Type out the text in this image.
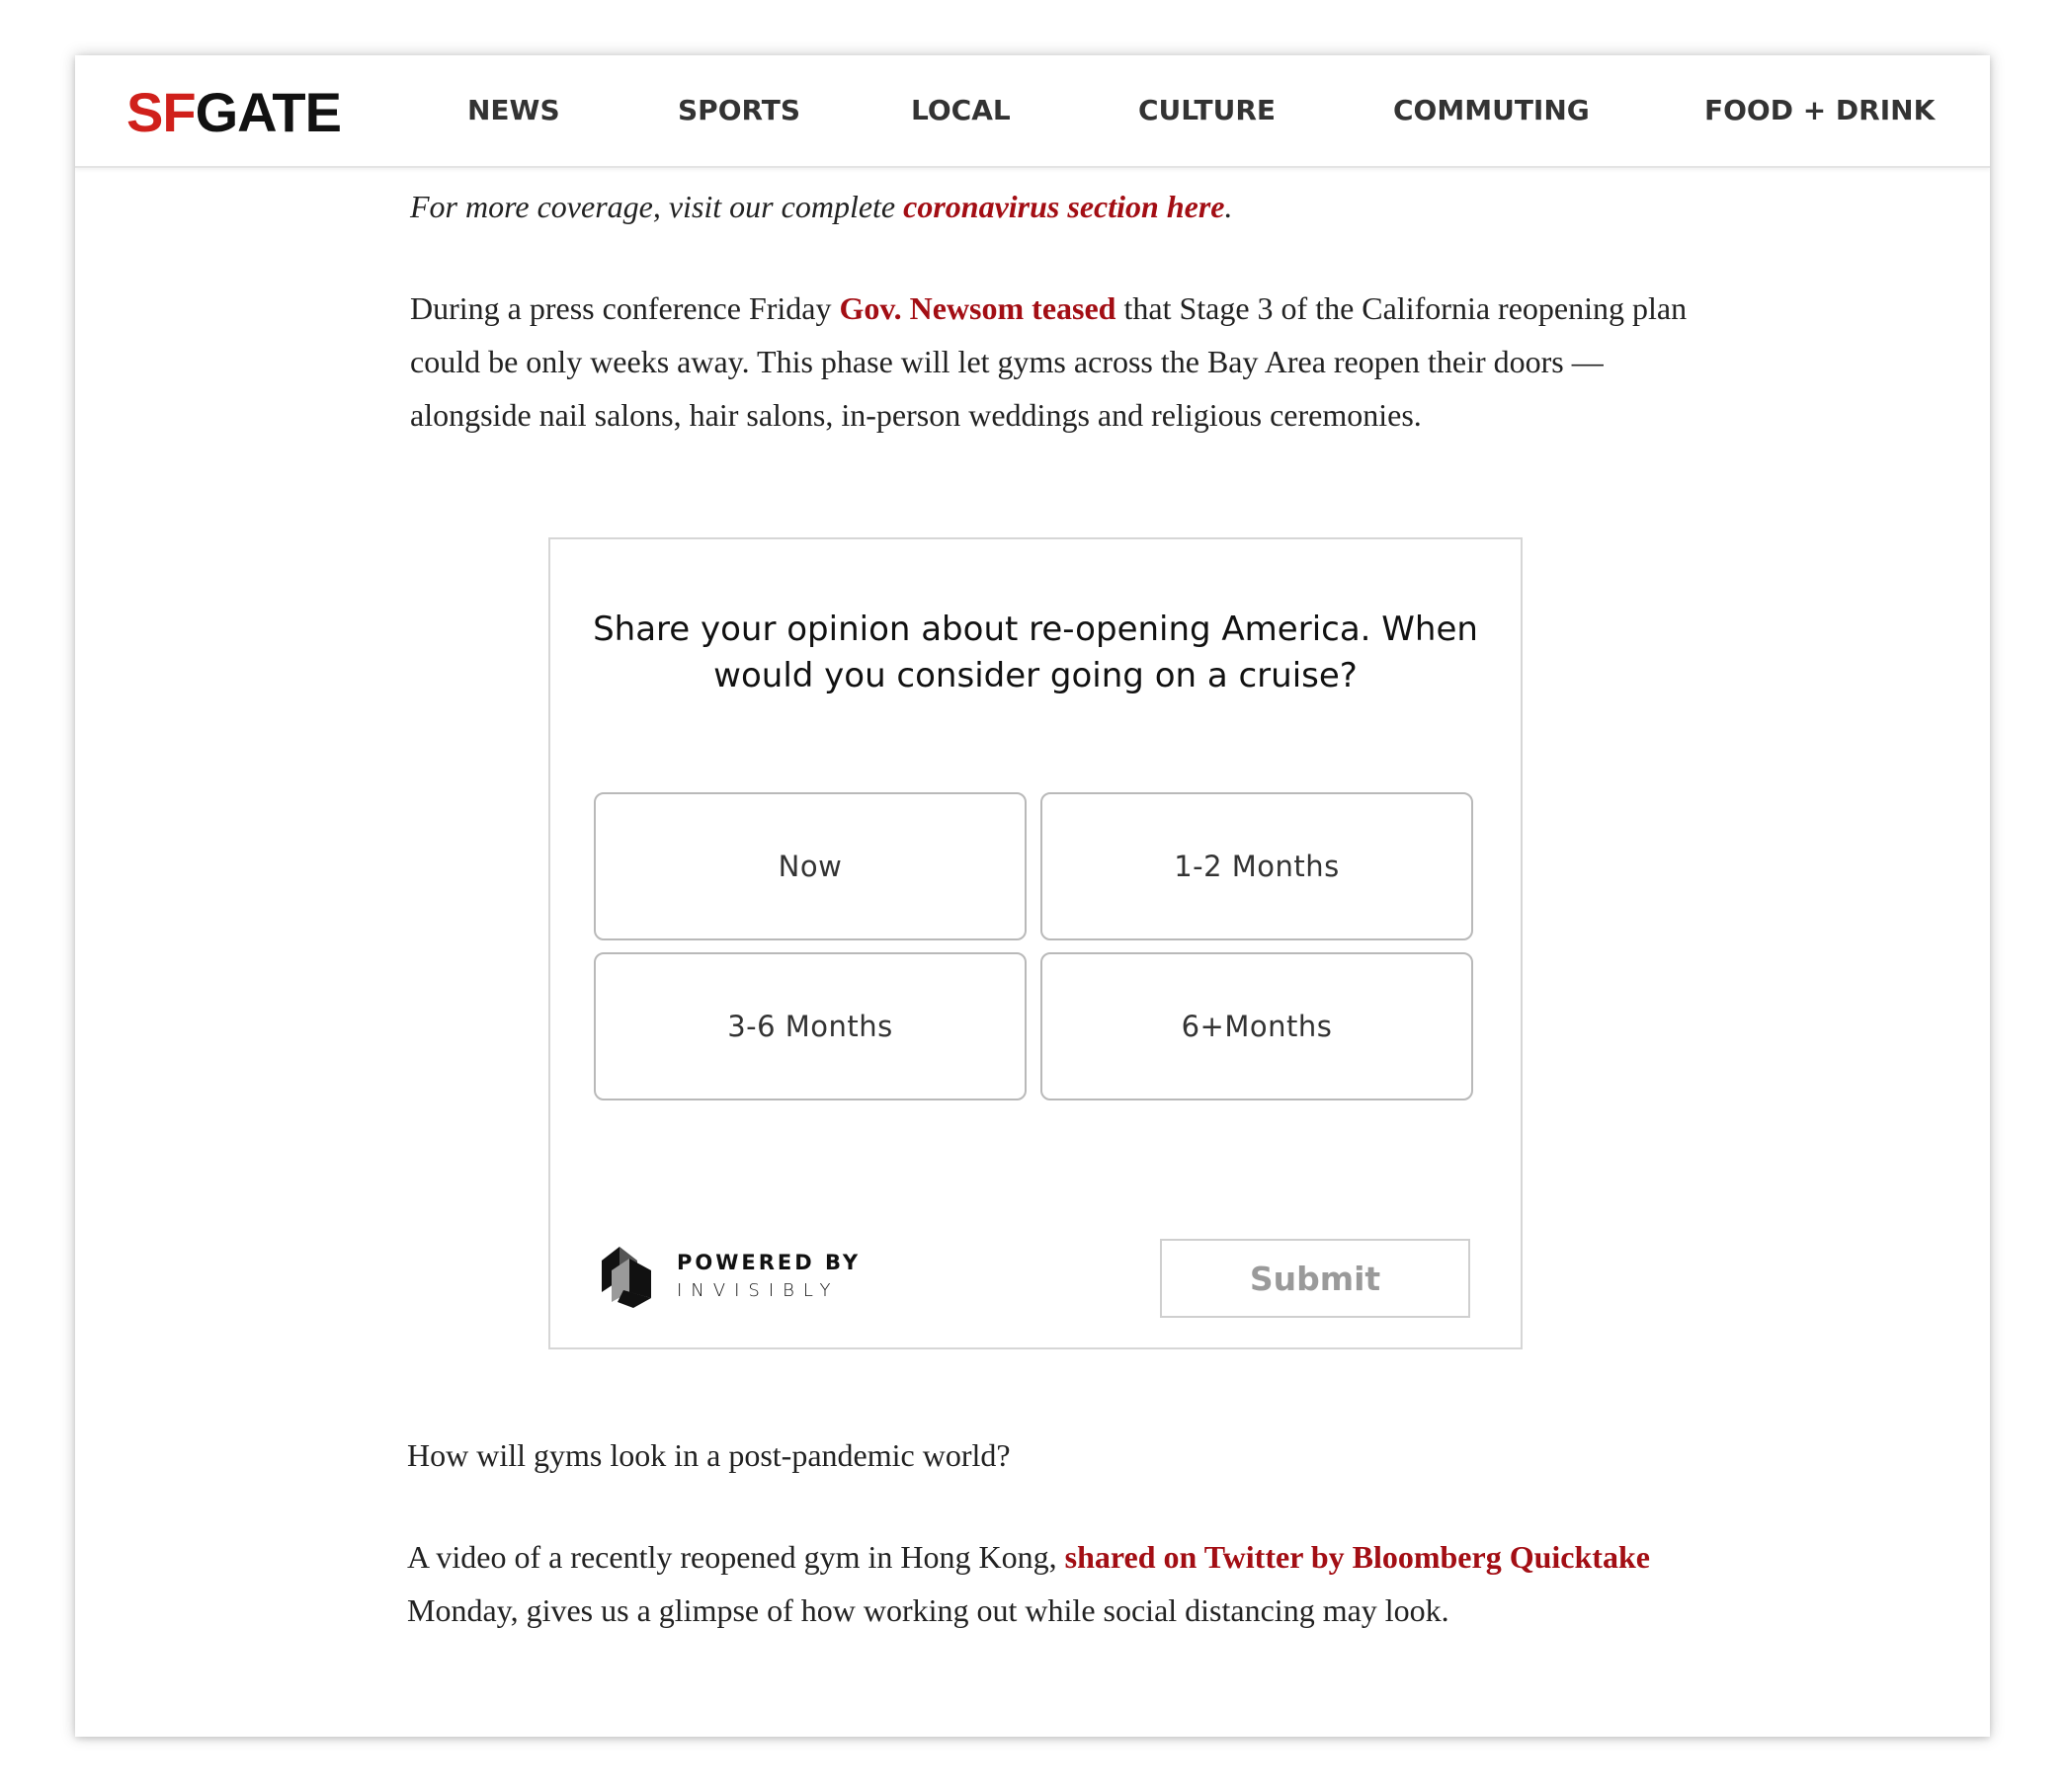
For more coverage, visit our complete coronavirus section here.

During a press conference Friday Gov. Newsom teased that Stage 3 of the California reopening plan could be only weeks away. This phase will let gyms across the Bay Area reopen their doors — alongside nail salons, hair salons, in-person weddings and religious ceremonies.

Share your opinion about re-opening America. When would you consider going on a cruise?
Now	1-2 Months
3-6 Months	6+Months
POWERED BY
INVISIBLY	Submit

How will gyms look in a post-pandemic world?

A video of a recently reopened gym in Hong Kong, shared on Twitter by Bloomberg Quicktake Monday, gives us a glimpse of how working out while social distancing may look.

SFGATE	NEWS	SPORTS	LOCAL	CULTURE	COMMUTING	FOOD + DRINK
